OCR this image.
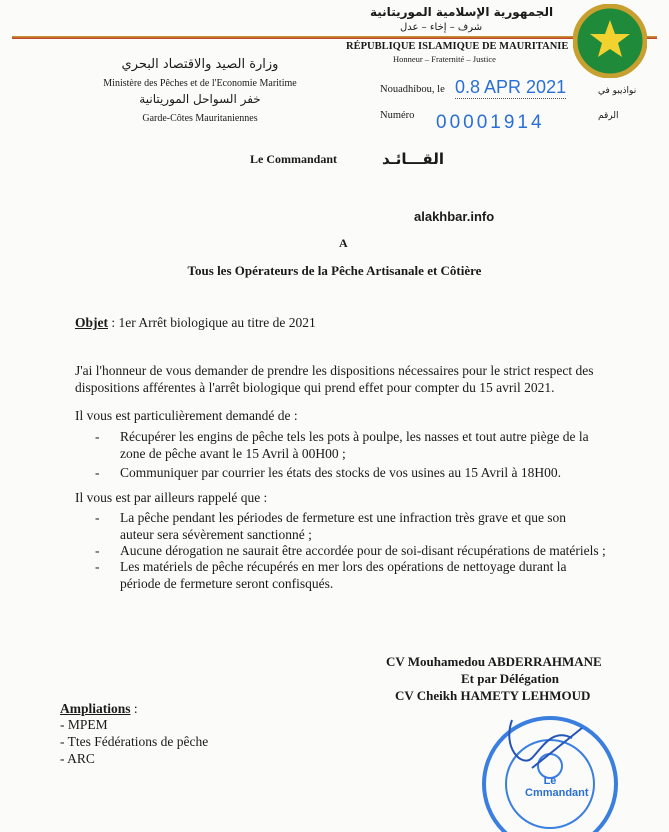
الجمهورية الإسلامية الموريتانية
شرف – إخاء – عدل
RÉPUBLIQUE ISLAMIQUE DE MAURITANIE
Honneur – Fraternité – Justice
وزارة الصيد والاقتصاد البحري
Ministère des Pêches et de l'Economie Maritime
خفر السواحل الموريتانية
Garde-Côtes Mauritaniennes
Nouadhibou, le 0.8 APR 2021	نواذيبو في
Numéro 00001914	الرقم
Le Commandant	القـــائـد
alakhbar.info
A
Tous les Opérateurs de la Pêche Artisanale et Côtière
Objet : 1er Arrêt biologique au titre de 2021
J'ai l'honneur de vous demander de prendre les dispositions nécessaires pour le strict respect des
dispositions afférentes à l'arrêt biologique qui prend effet pour compter du 15 avril 2021.
Il vous est particulièrement demandé de :
- Récupérer les engins de pêche tels les pots à poulpe, les nasses et tout autre piège de la
zone de pêche avant le 15 Avril à 00H00 ;
- Communiquer par courrier les états des stocks de vos usines au 15 Avril à 18H00.
Il vous est par ailleurs rappelé que :
- La pêche pendant les périodes de fermeture est une infraction très grave et que son
auteur sera sévèrement sanctionné ;
- Aucune dérogation ne saurait être accordée pour de soi-disant récupérations de matériels ;
- Les matériels de pêche récupérés en mer lors des opérations de nettoyage durant la
période de fermeture seront confisqués.
CV Mouhamedou ABDERRAHMANE
Et par Délégation
CV Cheikh HAMETY LEHMOUD
Le Cmmandant
Ampliations :
- MPEM
- Ttes Fédérations de pêche
- ARC
